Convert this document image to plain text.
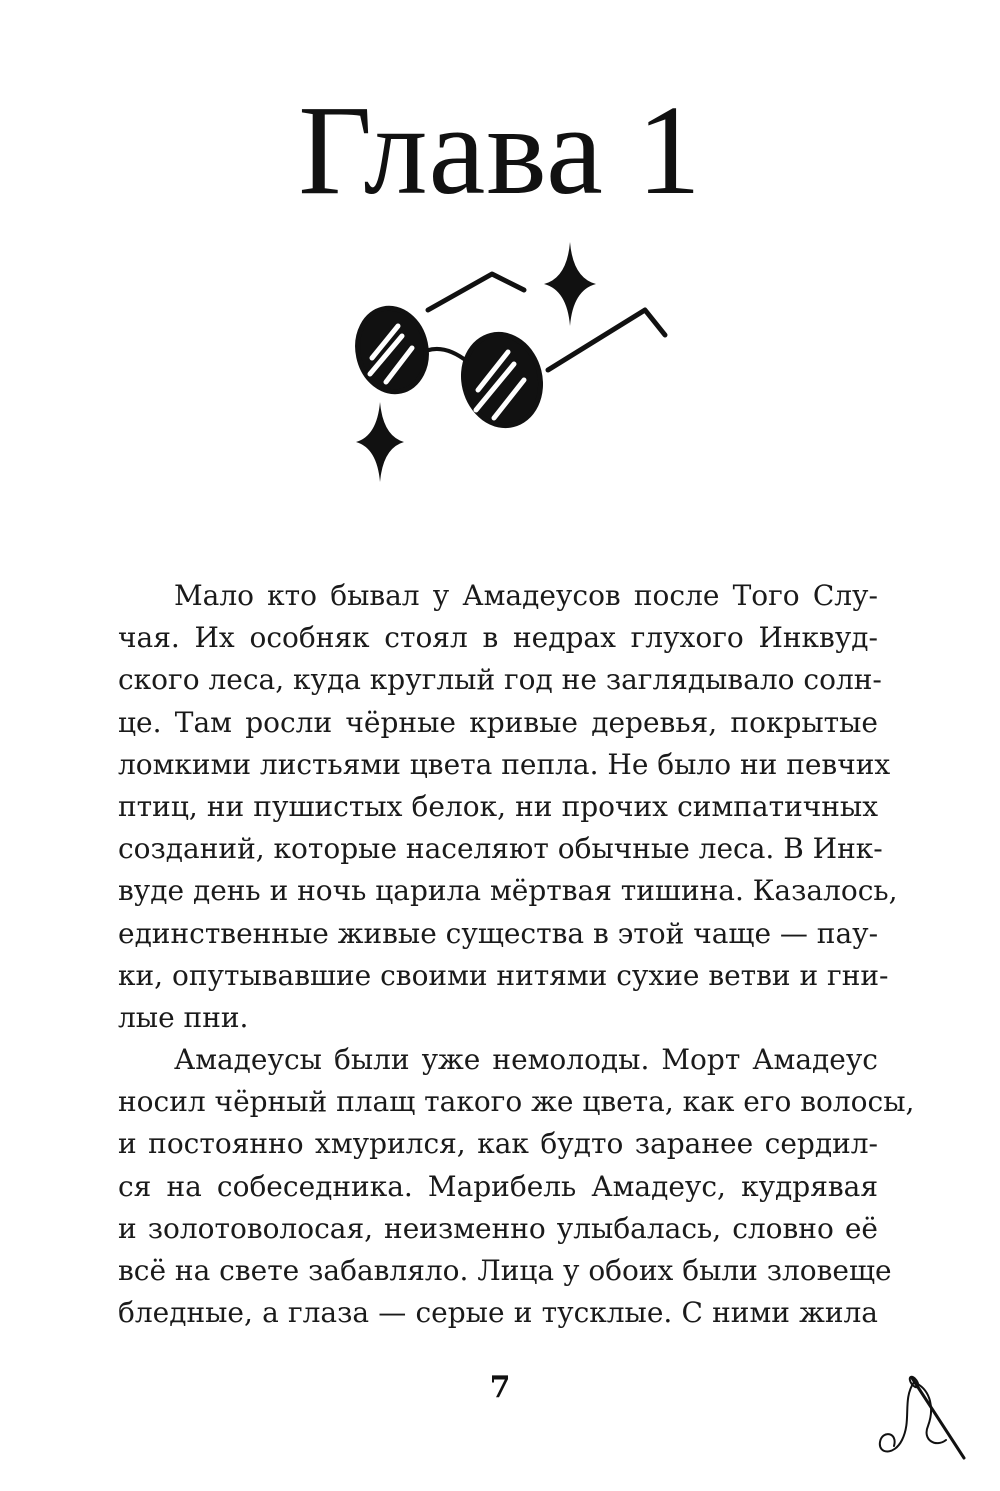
Глава 1
Мало кто бывал у Амадеусов после Того Слу-
чая. Их особняк стоял в недрах глухого Инквуд-
ского леса, куда круглый год не заглядывало солн-
це. Там росли чёрные кривые деревья, покрытые
ломкими листьями цвета пепла. Не было ни певчих
птиц, ни пушистых белок, ни прочих симпатичных
созданий, которые населяют обычные леса. В Инк-
вуде день и ночь царила мёртвая тишина. Казалось,
единственные живые существа в этой чаще — пау-
ки, опутывавшие своими нитями сухие ветви и гни-
лые пни.
Амадеусы были уже немолоды. Морт Амадеус
носил чёрный плащ такого же цвета, как его волосы,
и постоянно хмурился, как будто заранее сердил-
ся на собеседника. Марибель Амадеус, кудрявая
и золотоволосая, неизменно улыбалась, словно её
всё на свете забавляло. Лица у обоих были зловеще
бледные, а глаза — серые и тусклые. С ними жила
7
